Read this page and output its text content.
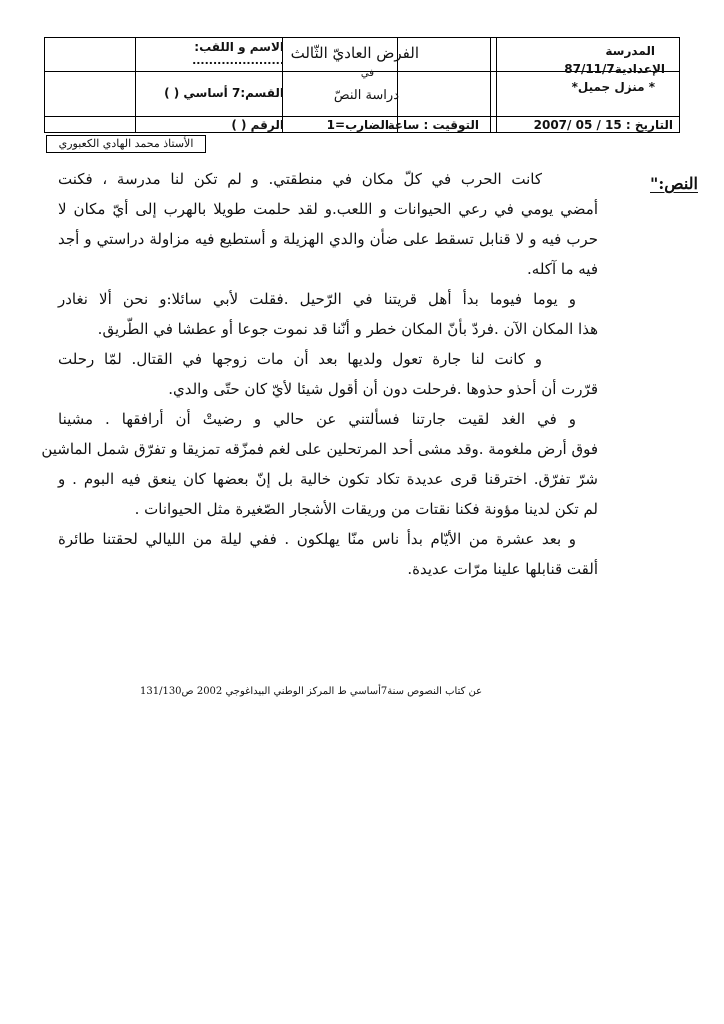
الاسم و اللقب:
......................
القسم:7 أساسي ( )
الرقم ( )
الفرض العاديّ الثّالث
في
دراسة النصّ
التوقيت : ساعة
الضارب=1
المدرسة
الإعدادية87/11/7
* منزل جميل*
التاريخ : 15 / 05 /2007
الأستاذ محمد الهادي الكعبوري
النص:"
كانت الحرب في كلّ مكان في منطقتي. و لم تكن لنا مدرسة ، فكنت
أمضي يومي في رعي الحيوانات و اللعب.و لقد حلمت طويلا بالهرب إلى أيّ مكان لا
حرب فيه و لا قنابل تسقط على ضأن والدي الهزيلة و أستطيع فيه مزاولة دراستي و أجد
فيه ما آكله.
و يوما فيوما بدأ أهل قريتنا في الرّحيل .فقلت لأبي سائلا:و نحن ألا نغادر
هذا المكان الآن .فردّ بأنّ المكان خطر و أنّنا قد نموت جوعا أو عطشا في الطّريق.
و كانت لنا جارة تعول ولديها بعد أن مات زوجها في القتال. لمّا رحلت
قرّرت أن أحذو حذوها .فرحلت دون أن أقول شيئا لأيّ كان حتّى والدي.
و في الغد لقيت جارتنا فسألتني عن حالي و رضيتْ أن أرافقها . مشينا
فوق أرض ملغومة .وقد مشى أحد المرتحلين على لغم فمزّقه تمزيقا و تفرّق شمل الماشين
شرّ تفرّق. اخترقنا قرى عديدة تكاد تكون خالية بل إنّ بعضها كان ينعق فيه البوم . و
لم تكن لدينا مؤونة فكنا نقتات من وريقات الأشجار الصّغيرة مثل الحيوانات .
و بعد عشرة من الأيّام بدأ ناس منّا يهلكون . ففي ليلة من الليالي لحقتنا طائرة
ألقت قنابلها علينا مرّات عديدة.
عن كتاب النصوص سنة7أساسي ط المركز الوطني البيداغوجي 2002 ص131/130
